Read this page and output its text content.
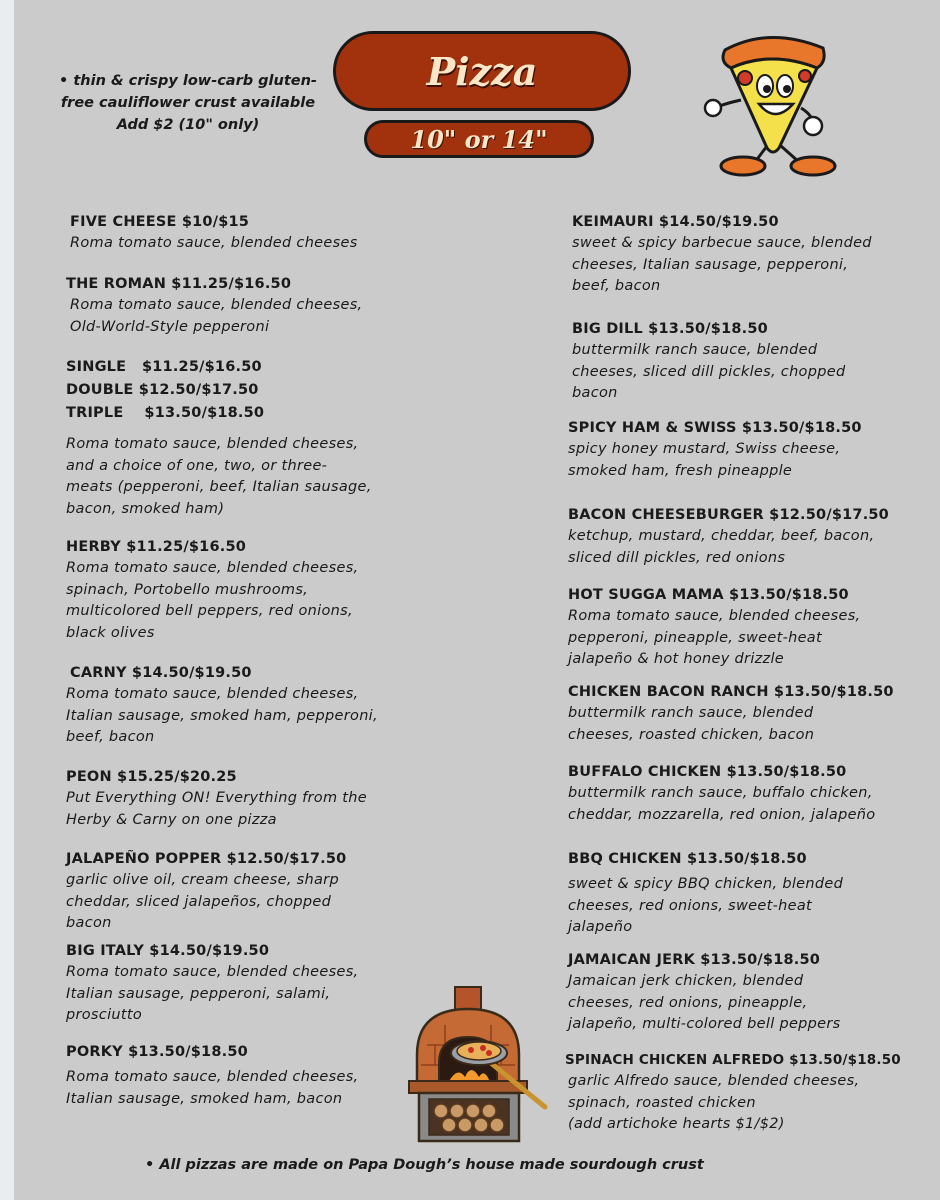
• thin & crispy low-carb gluten-
free cauliflower crust available
Add $2 (10" only)
Pizza
10" or 14"
FIVE CHEESE $10/$15
Roma tomato sauce, blended cheeses
THE ROMAN $11.25/$16.50
Roma tomato sauce, blended cheeses,
Old-World-Style pepperoni
SINGLE   $11.25/$16.50
DOUBLE $12.50/$17.50
TRIPLE    $13.50/$18.50
Roma tomato sauce, blended cheeses,
and a choice of one, two, or three-
meats (pepperoni, beef, Italian sausage,
bacon, smoked ham)
HERBY $11.25/$16.50
Roma tomato sauce, blended cheeses,
spinach, Portobello mushrooms,
multicolored bell peppers, red onions,
black olives
CARNY $14.50/$19.50
Roma tomato sauce, blended cheeses,
Italian sausage, smoked ham, pepperoni,
beef, bacon
PEON $15.25/$20.25
Put Everything ON! Everything from the
Herby & Carny on one pizza
JALAPEÑO POPPER $12.50/$17.50
garlic olive oil, cream cheese, sharp
cheddar, sliced jalapeños, chopped
bacon
BIG ITALY $14.50/$19.50
Roma tomato sauce, blended cheeses,
Italian sausage, pepperoni, salami,
prosciutto
PORKY $13.50/$18.50
Roma tomato sauce, blended cheeses,
Italian sausage, smoked ham, bacon
KEIMAURI $14.50/$19.50
sweet & spicy barbecue sauce, blended
cheeses, Italian sausage, pepperoni,
beef, bacon
BIG DILL $13.50/$18.50
buttermilk ranch sauce, blended
cheeses, sliced dill pickles, chopped
bacon
SPICY HAM & SWISS $13.50/$18.50
spicy honey mustard, Swiss cheese,
smoked ham, fresh pineapple
BACON CHEESEBURGER $12.50/$17.50
ketchup, mustard, cheddar, beef, bacon,
sliced dill pickles, red onions
HOT SUGGA MAMA $13.50/$18.50
Roma tomato sauce, blended cheeses,
pepperoni, pineapple, sweet-heat
jalapeño & hot honey drizzle
CHICKEN BACON RANCH $13.50/$18.50
buttermilk ranch sauce, blended
cheeses, roasted chicken, bacon
BUFFALO CHICKEN $13.50/$18.50
buttermilk ranch sauce, buffalo chicken,
cheddar, mozzarella, red onion, jalapeño
BBQ CHICKEN $13.50/$18.50
sweet & spicy BBQ chicken, blended
cheeses, red onions, sweet-heat
jalapeño
JAMAICAN JERK $13.50/$18.50
Jamaican jerk chicken, blended
cheeses, red onions, pineapple,
jalapeño, multi-colored bell peppers
SPINACH CHICKEN ALFREDO $13.50/$18.50
garlic Alfredo sauce, blended cheeses,
spinach, roasted chicken
(add artichoke hearts $1/$2)
• All pizzas are made on Papa Dough’s house made sourdough crust
